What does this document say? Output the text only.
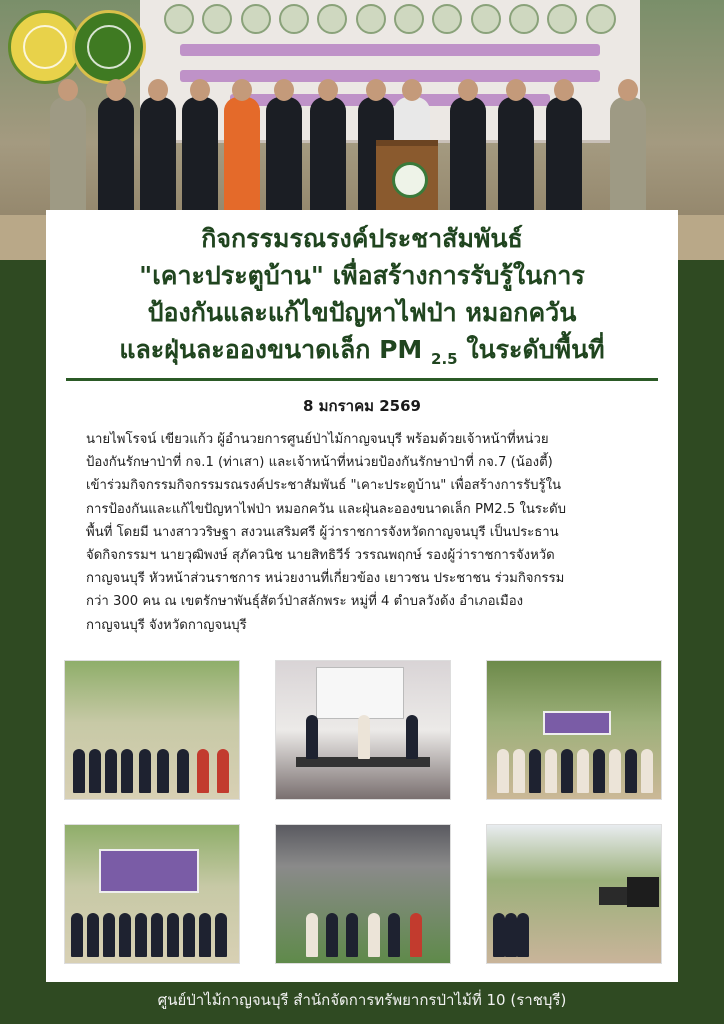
กิจกรรมรณรงค์ประชาสัมพันธ์
"เคาะประตูบ้าน" เพื่อสร้างการรับรู้ในการ
ป้องกันและแก้ไขปัญหาไฟป่า หมอกควัน
และฝุ่นละอองขนาดเล็ก PM $_{2.5}$ ในระดับพื้นที่
8 มกราคม 2569
นายไพโรจน์ เขียวแก้ว ผู้อำนวยการศูนย์ป่าไม้กาญจนบุรี พร้อมด้วยเจ้าหน้าที่หน่วย
ป้องกันรักษาป่าที่ กจ.1 (ท่าเสา) และเจ้าหน้าที่หน่วยป้องกันรักษาป่าที่ กจ.7 (น้องตี้)
เข้าร่วมกิจกรรมกิจกรรมรณรงค์ประชาสัมพันธ์ "เคาะประตูบ้าน" เพื่อสร้างการรับรู้ใน
การป้องกันและแก้ไขปัญหาไฟป่า หมอกควัน และฝุ่นละอองขนาดเล็ก PM2.5 ในระดับ
พื้นที่ โดยมี นางสาววริษฐา สงวนเสริมศรี ผู้ว่าราชการจังหวัดกาญจนบุรี เป็นประธาน
จัดกิจกรรมฯ นายวุฒิพงษ์ สุภัควนิช นายสิทธิวีร์ วรรณพฤกษ์ รองผู้ว่าราชการจังหวัด
กาญจนบุรี หัวหน้าส่วนราชการ หน่วยงานที่เกี่ยวข้อง เยาวชน ประชาชน ร่วมกิจกรรม
กว่า 300 คน ณ เขตรักษาพันธุ์สัตว์ป่าสลักพระ หมู่ที่ 4 ตำบลวังด้ง อำเภอเมือง
กาญจนบุรี จังหวัดกาญจนบุรี
ศูนย์ป่าไม้กาญจนบุรี สำนักจัดการทรัพยากรป่าไม้ที่ 10 (ราชบุรี)
